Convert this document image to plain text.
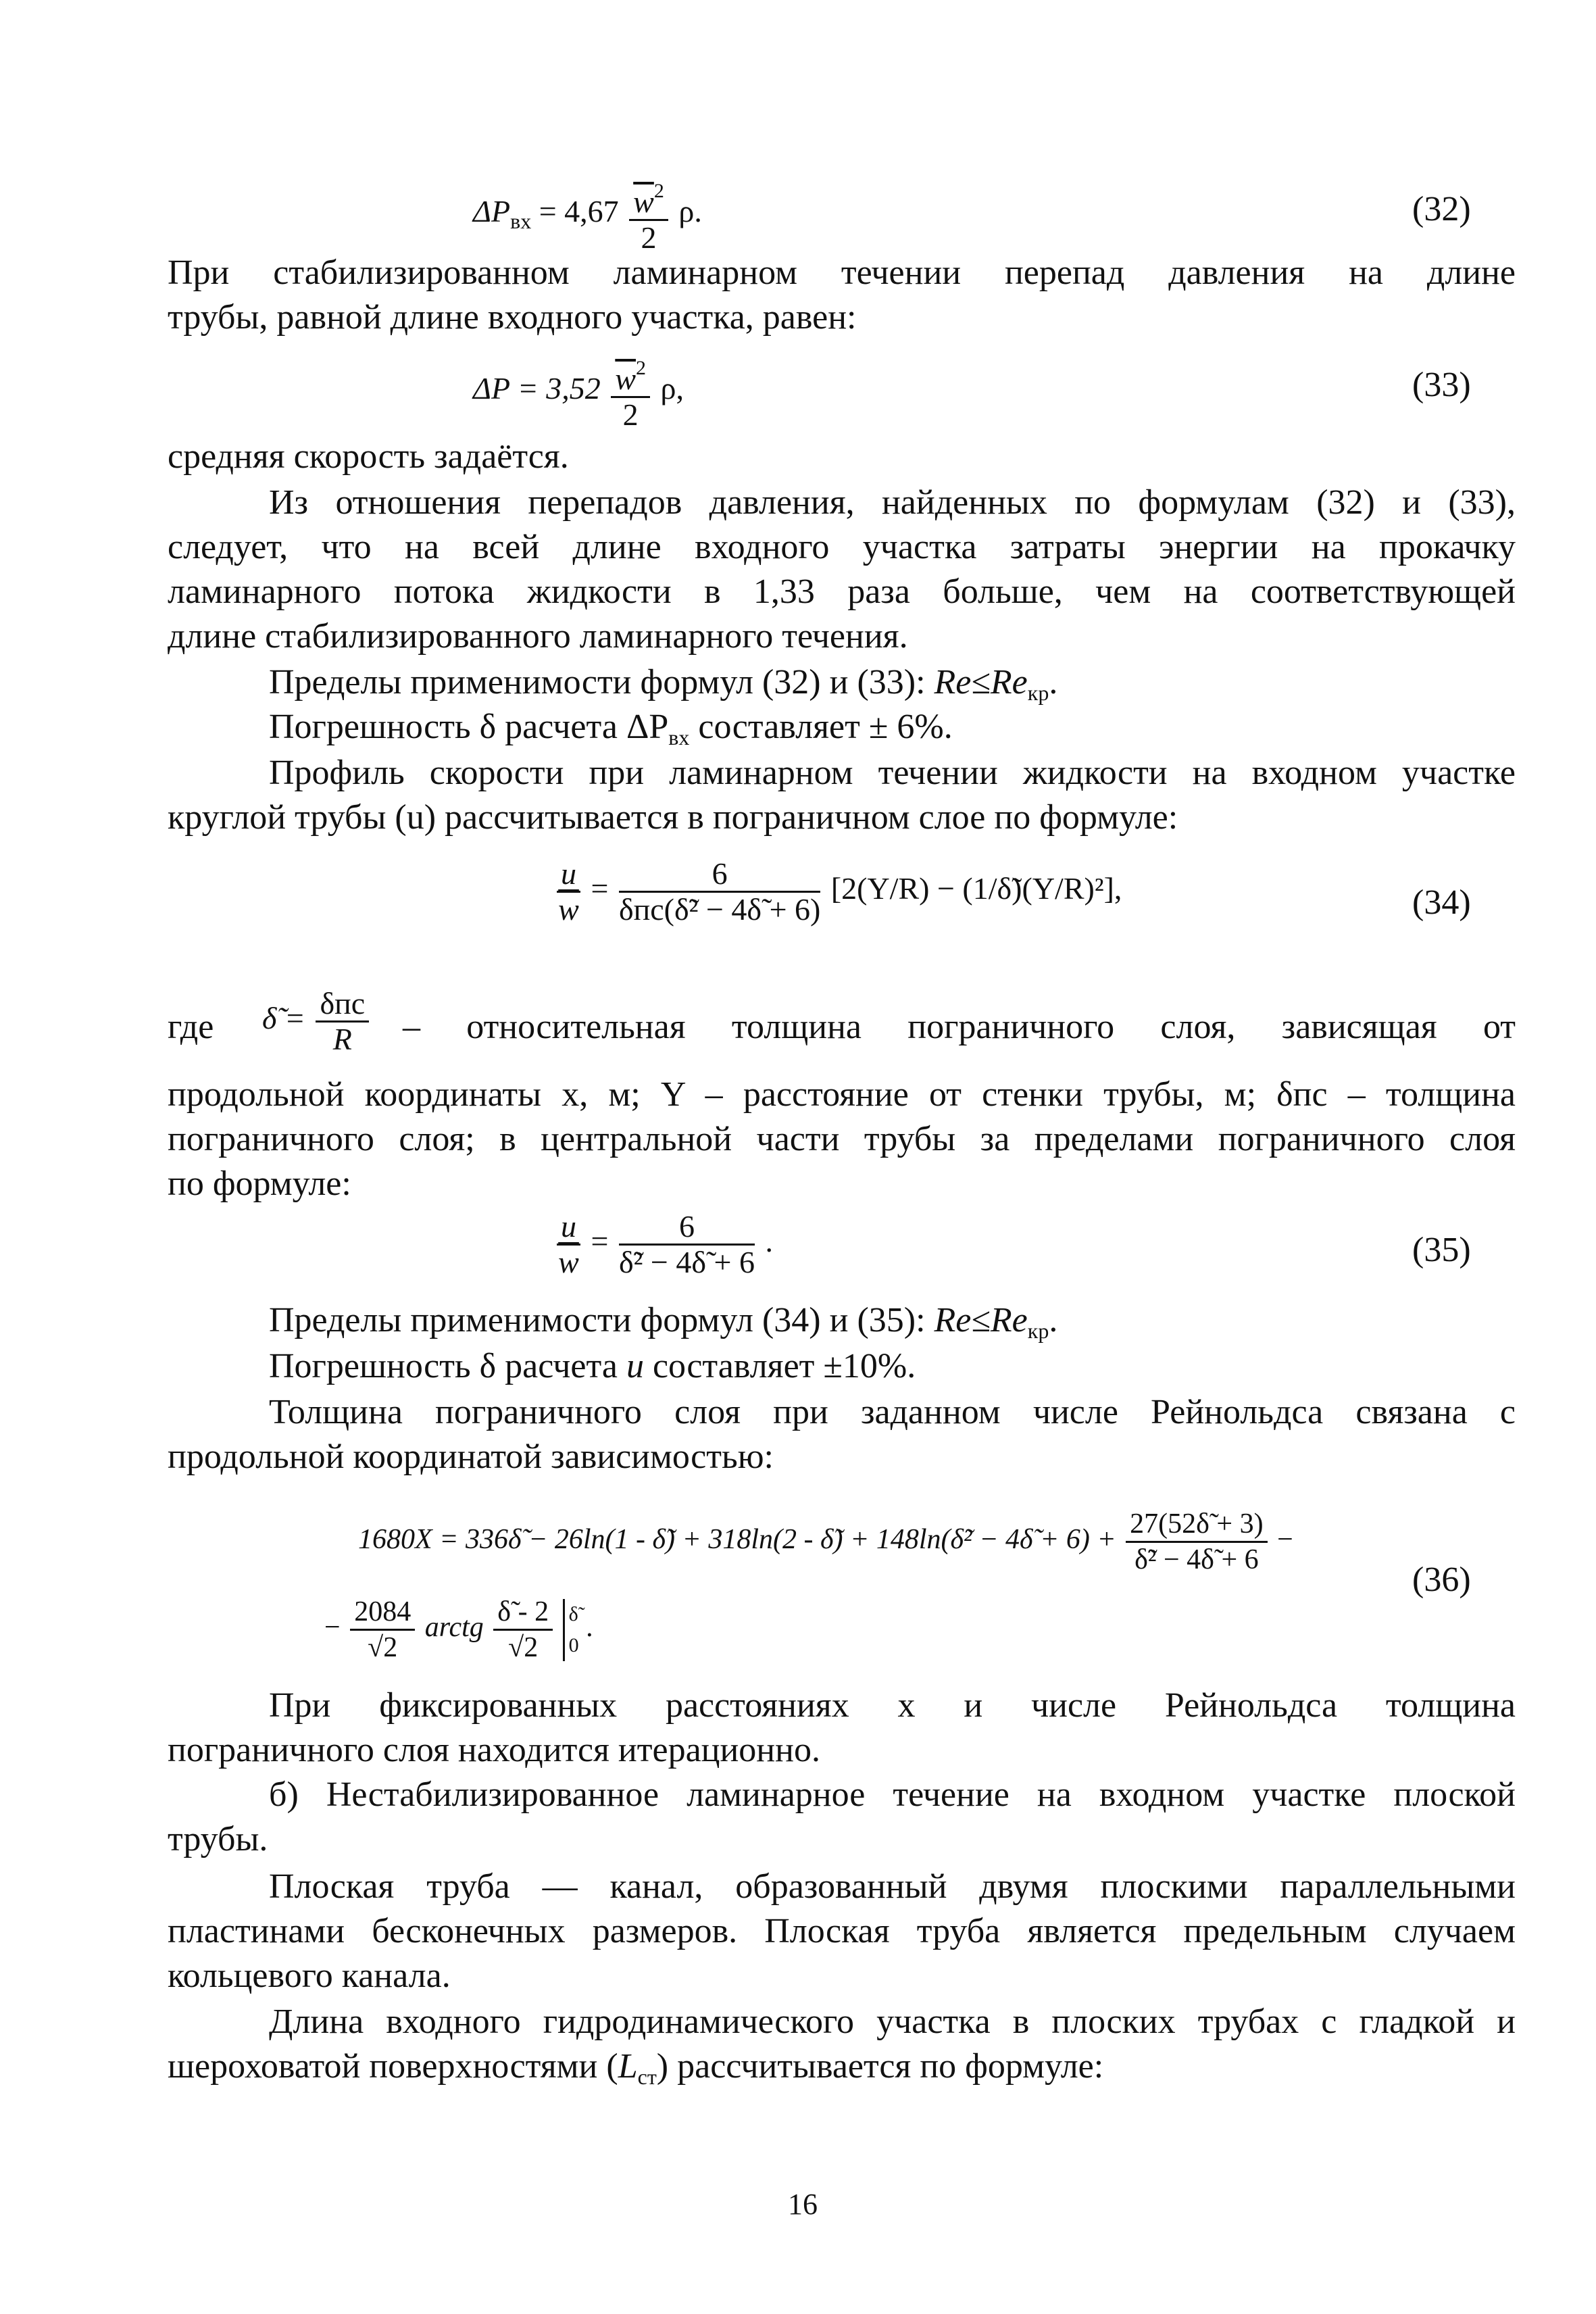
$\Delta P_{вх} = 4,67 \frac{\overline{w}^2}{2} \rho$.	(32)
При стабилизированном ламинарном течении перепад давления на длине
трубы, равной длине входного участка, равен:
$\Delta P = 3,52 \frac{\overline{w}^2}{2} \rho$,	(33)
средняя скорость задаётся.
Из отношения перепадов давления, найденных по формулам (32) и (33),
следует, что на всей длине входного участка затраты энергии на прокачку
ламинарного потока жидкости в 1,33 раза больше, чем на соответствующей
длине стабилизированного ламинарного течения.
Пределы применимости формул (32) и (33): $Re\le Re_{кр}$.
Погрешность δ расчета $\Delta P_{вх}$ составляет ± 6%.
Профиль скорости при ламинарном течении жидкости на входном участке
круглой трубы (u) рассчитывается в пограничном слое по формуле:
$\frac{u}{w} = \frac{6}{\text{δпс(δ̃² − 4δ̃ + 6)}} [2(Y/R)$ − (1/δ̃)(Y/R)²],	(34)
где δ̃ = $\frac{\text{δпс}}{R}$ – относительная толщина пограничного слоя, зависящая от
продольной координаты x, м; Y – расстояние от стенки трубы, м; δпс – толщина
пограничного слоя; в центральной части трубы за пределами пограничного слоя
по формуле:
$\frac{u}{w} = \frac{6}{\text{δ̃² − 4δ̃ + 6}}$ .	(35)
Пределы применимости формул (34) и (35): $Re\le Re_{кр}$.
Погрешность δ расчета u составляет ±10%.
Толщина пограничного слоя при заданном числе Рейнольдса связана с
продольной координатой зависимостью:
1680X = 336δ̃ − 26ln(1 - δ̃) + 318ln(2 - δ̃) + 148ln(δ̃² − 4δ̃ + $6) + \frac{27(52\deltã + 3)}{\text{δ̃² − 4δ̃ + 6}}$ −
− $\frac{2084}{√2}$ arctg $\frac{\deltã - 2}{√2}$
δ̃
0
.
(36)
При фиксированных расстояниях x и числе Рейнольдса толщина
пограничного слоя находится итерационно.
б) Нестабилизированное ламинарное течение на входном участке плоской
трубы.
Плоская труба — канал, образованный двумя плоскими параллельными
пластинами бесконечных размеров. Плоская труба является предельным случаем
кольцевого канала.
Длина входного гидродинамического участка в плоских трубах с гладкой и
шероховатой поверхностями $(L_{ст})$ рассчитывается по формуле:
16
